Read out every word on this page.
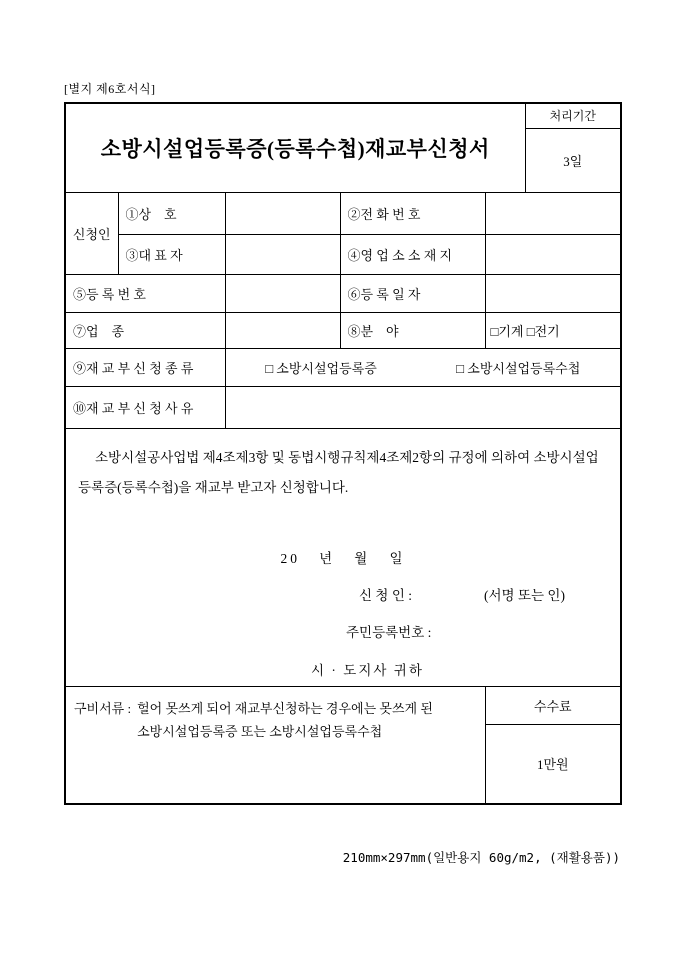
[별지 제6호서식]
소방시설업등록증(등록수첩)재교부신청서					처리기간
					3일
신청인	①상    호		②전 화 번 호		
	③대 표 자		④영 업 소 소 재 지		
⑤등 록 번 호			⑥등 록 일 자		
⑦업    종			⑧분    야	□기계 □전기	
⑨재 교 부 신 청 종 류		□ 소방시설업등록증 □ 소방시설업등록수첩			

⑩재 교 부 신 청 사 유					

소방시설공사업법 제4조제3항 및 동법시행규칙제4조제2항의 규정에 의하여 소방시설업등록증(등록수첩)을 재교부 받고자 신청합니다.
20   년   월   일
신 청 인 :	(서명 또는 인)
주민등록번호 :
시 · 도지사 귀하

구비서류 : 헐어 못쓰게 되어 재교부신청하는 경우에는 못쓰게 된
소방시설업등록증 또는 소방시설업등록수첩				수수료	
				1만원	
210mm×297mm(일반용지 60g/m2, (재활용품))
